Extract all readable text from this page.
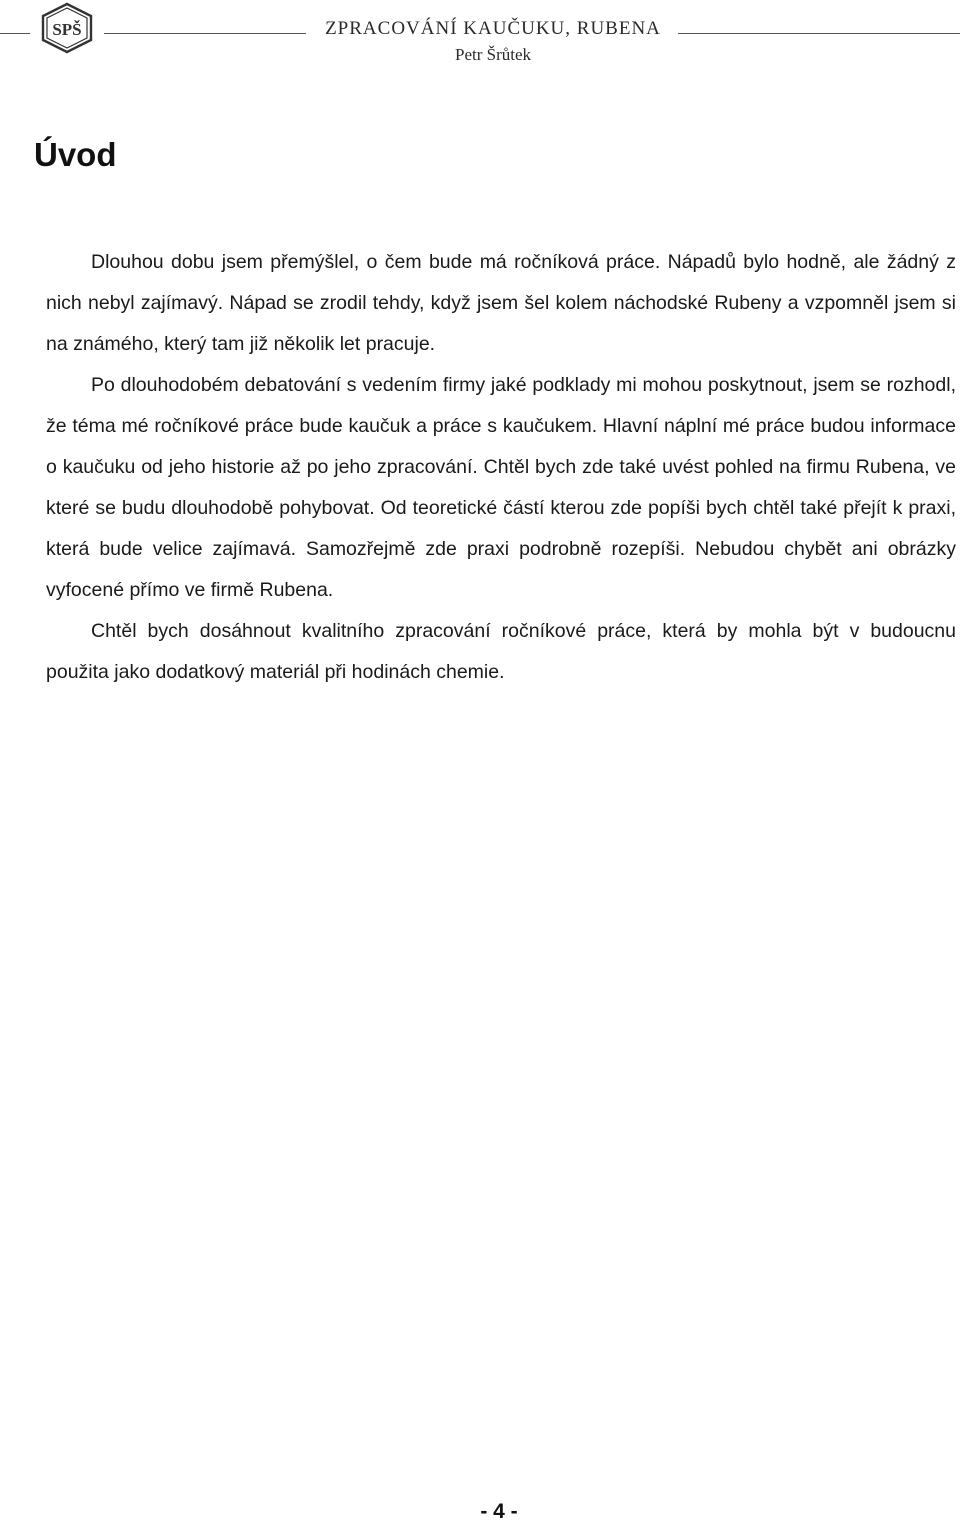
SPŠ	ZPRACOVÁNÍ KAUČUKU, RUBENA
Petr Šrůtek
Úvod

Dlouhou dobu jsem přemýšlel, o čem bude má ročníková práce. Nápadů bylo hodně, ale žádný z nich nebyl zajímavý. Nápad se zrodil tehdy, když jsem šel kolem náchodské Rubeny a vzpomněl jsem si na známého, který tam již několik let pracuje.

Po dlouhodobém debatování s vedením firmy jaké podklady mi mohou poskytnout, jsem se rozhodl, že téma mé ročníkové práce bude kaučuk a práce s kaučukem. Hlavní náplní mé práce budou informace o kaučuku od jeho historie až po jeho zpracování. Chtěl bych zde také uvést pohled na firmu Rubena, ve které se budu dlouhodobě pohybovat. Od teoretické částí kterou zde popíši bych chtěl také přejít k praxi, která bude velice zajímavá. Samozřejmě zde praxi podrobně rozepíši. Nebudou chybět ani obrázky vyfocené přímo ve firmě Rubena.

Chtěl bych dosáhnout kvalitního zpracování ročníkové práce, která by mohla být v budoucnu použita jako dodatkový materiál při hodinách chemie.

- 4 -
